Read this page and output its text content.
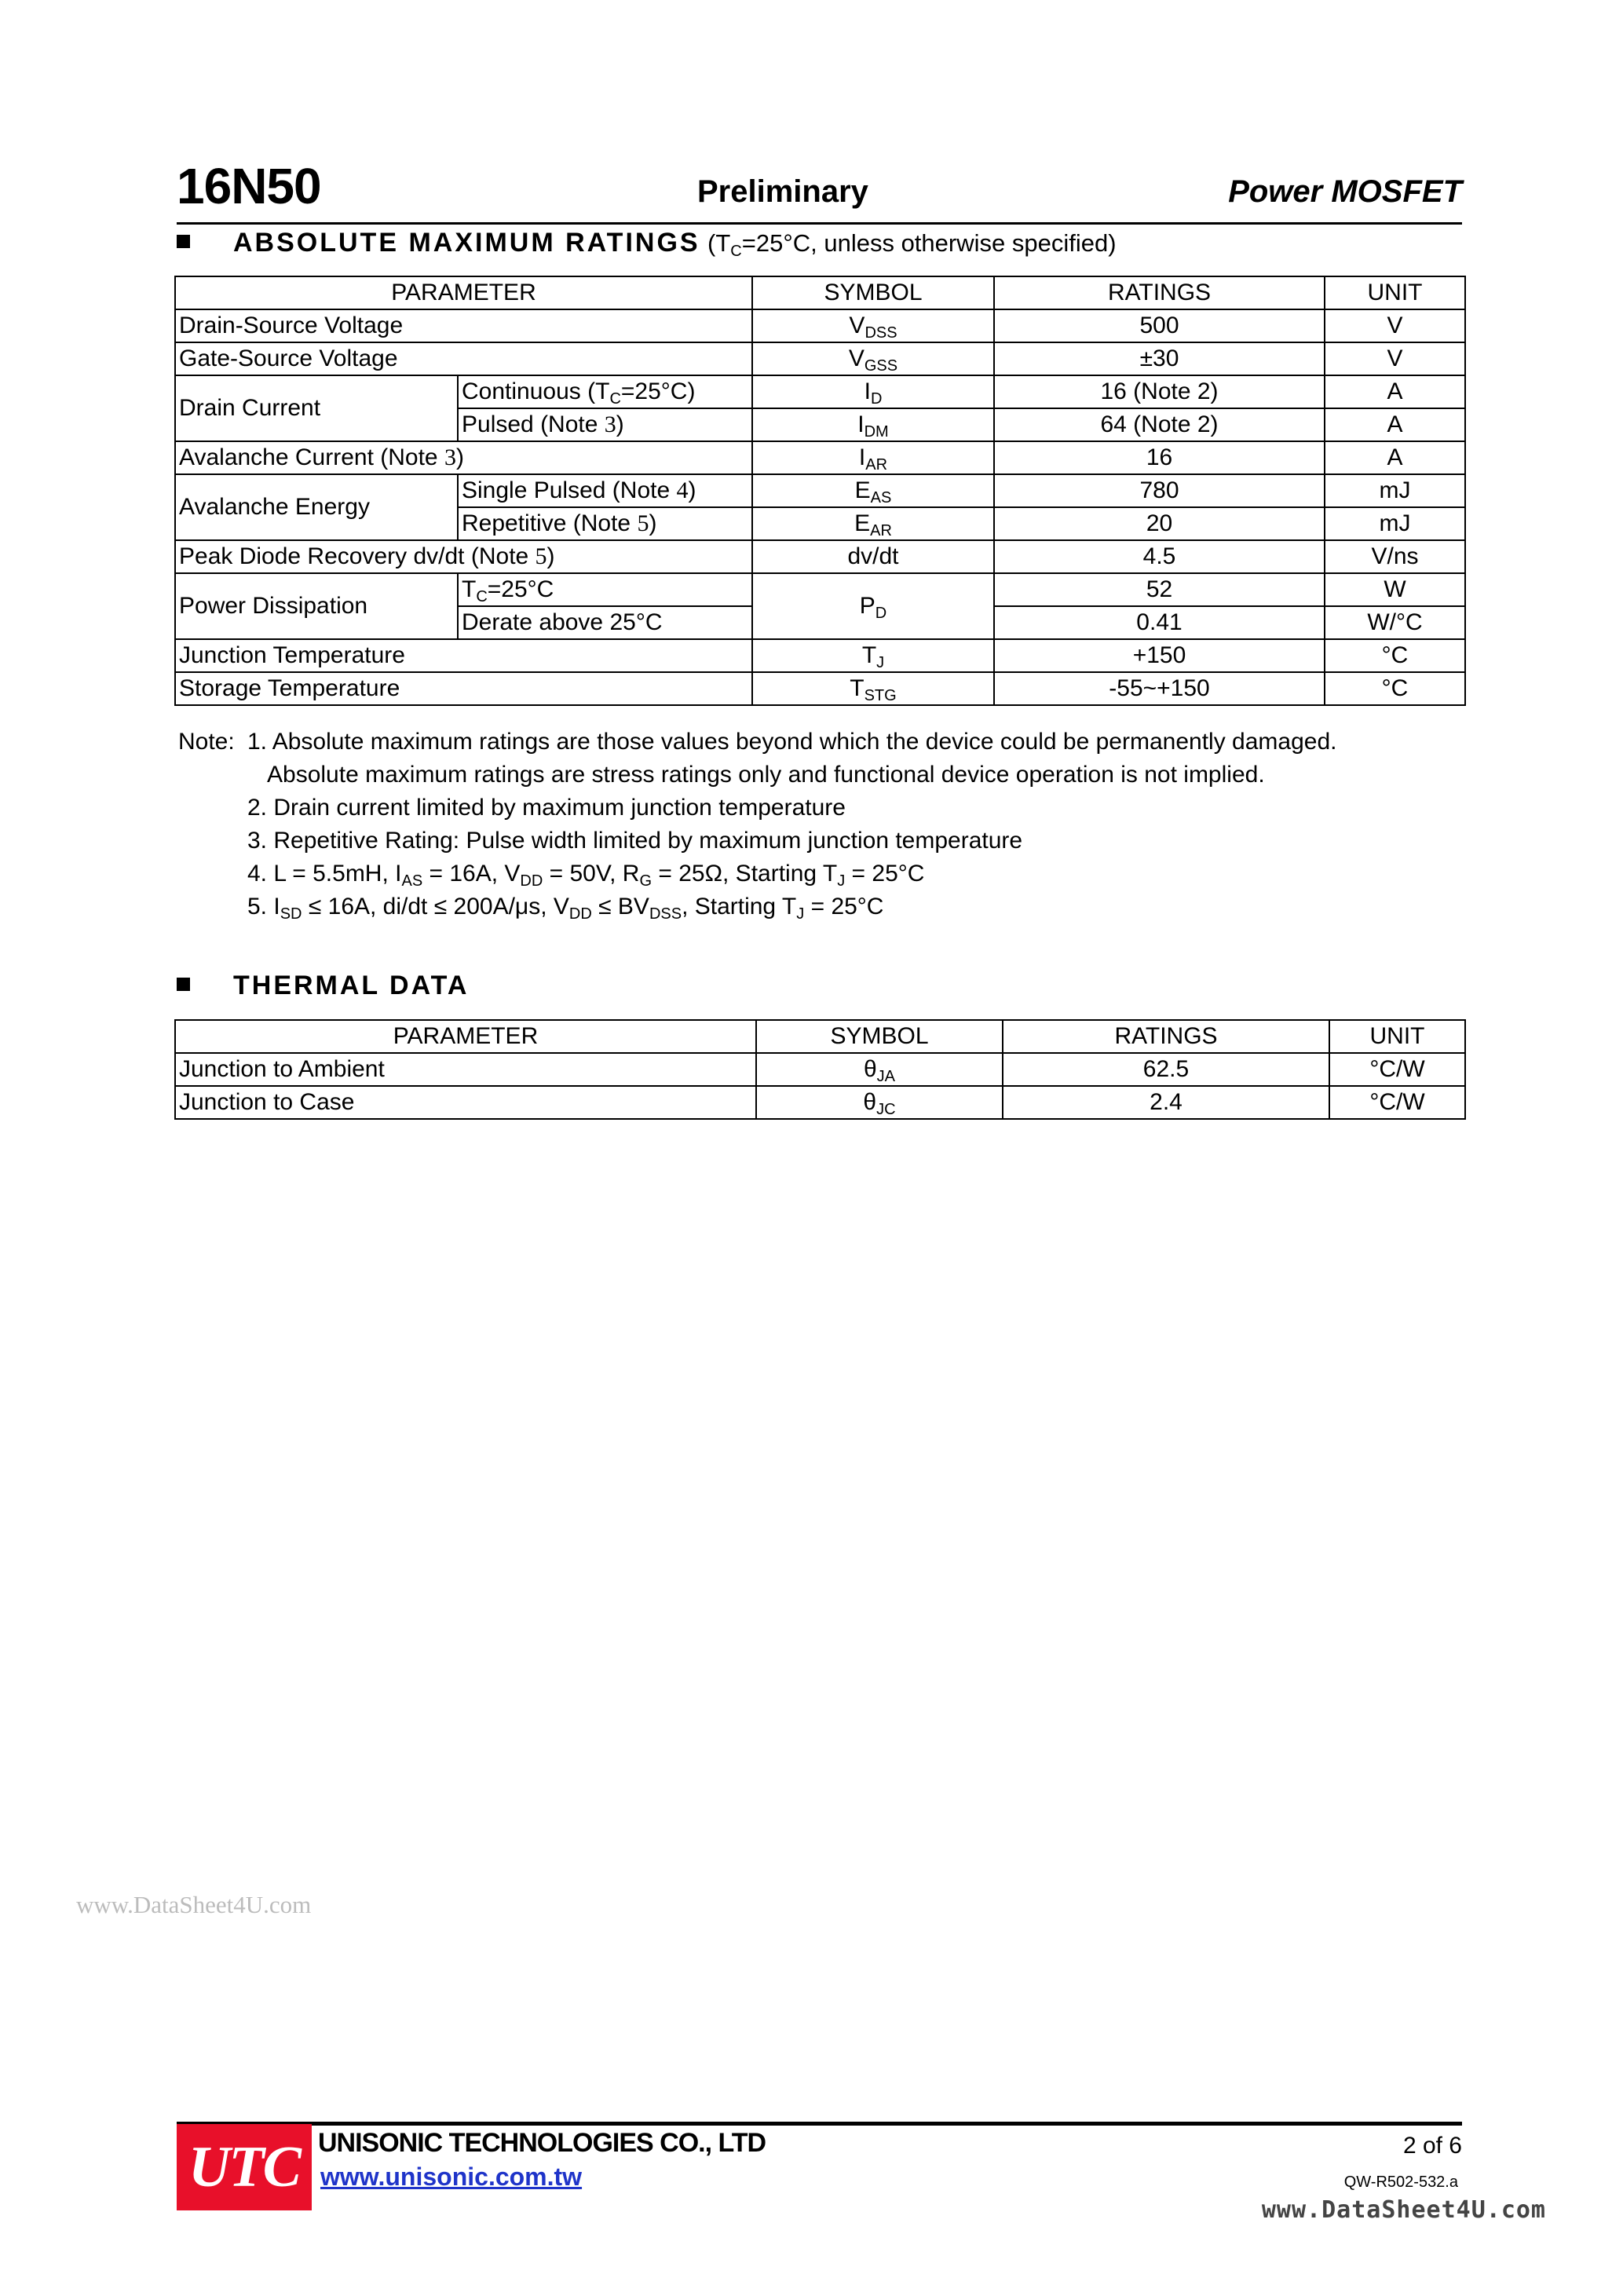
16N50	Preliminary	Power MOSFET
ABSOLUTE MAXIMUM RATINGS ($T_C=25^\circ C$, unless otherwise specified)
PARAMETER		SYMBOL	RATINGS	UNIT
Drain-Source Voltage		$V_{DSS}$	500	V
Gate-Source Voltage		$V_{GSS}$	±30	V
Drain Current	Continuous $(T_C=25^\circ C)$	$I_D$	16 (Note 2)	A
	Pulsed (Note 3)	$I_{DM}$	64 (Note 2)	A
Avalanche Current (Note 3)		$I_{AR}$	16	A
Avalanche Energy	Single Pulsed (Note 4)	$E_{AS}$	780	mJ
	Repetitive (Note 5)	$E_{AR}$	20	mJ
Peak Diode Recovery dv/dt (Note 5)		dv/dt	4.5	V/ns
Power Dissipation	$T_C=25^\circ C$	$P_D$	52	W
	Derate above 25°C		0.41	W/°C
Junction Temperature		$T_J$	+150	°C
Storage Temperature		$T_{STG}$	-55~+150	°C
Note: 1. Absolute maximum ratings are those values beyond which the device could be permanently damaged.
Absolute maximum ratings are stress ratings only and functional device operation is not implied.
2. Drain current limited by maximum junction temperature
3. Repetitive Rating: Pulse width limited by maximum junction temperature
4. L = 5.5mH, $I_{AS} = 16A$, $V_{DD} = 50V$, $R_G = 25\Omega$, Starting $T_J = 25^\circ C$
5. $I_{SD} \le 16A$, di/dt ≤ 200A/μs, $V_{DD} \le BV_{DSS}$, Starting $T_J = 25^\circ C$
THERMAL DATA
PARAMETER	SYMBOL	RATINGS	UNIT
Junction to Ambient	$\theta_{JA}$	62.5	°C/W
Junction to Case	$\theta_{JC}$	2.4	°C/W
www.DataSheet4U.com
UTC UNISONIC TECHNOLOGIES CO., LTD
www.unisonic.com.tw
2 of 6
QW-R502-532.a
www.DataSheet4U.com
